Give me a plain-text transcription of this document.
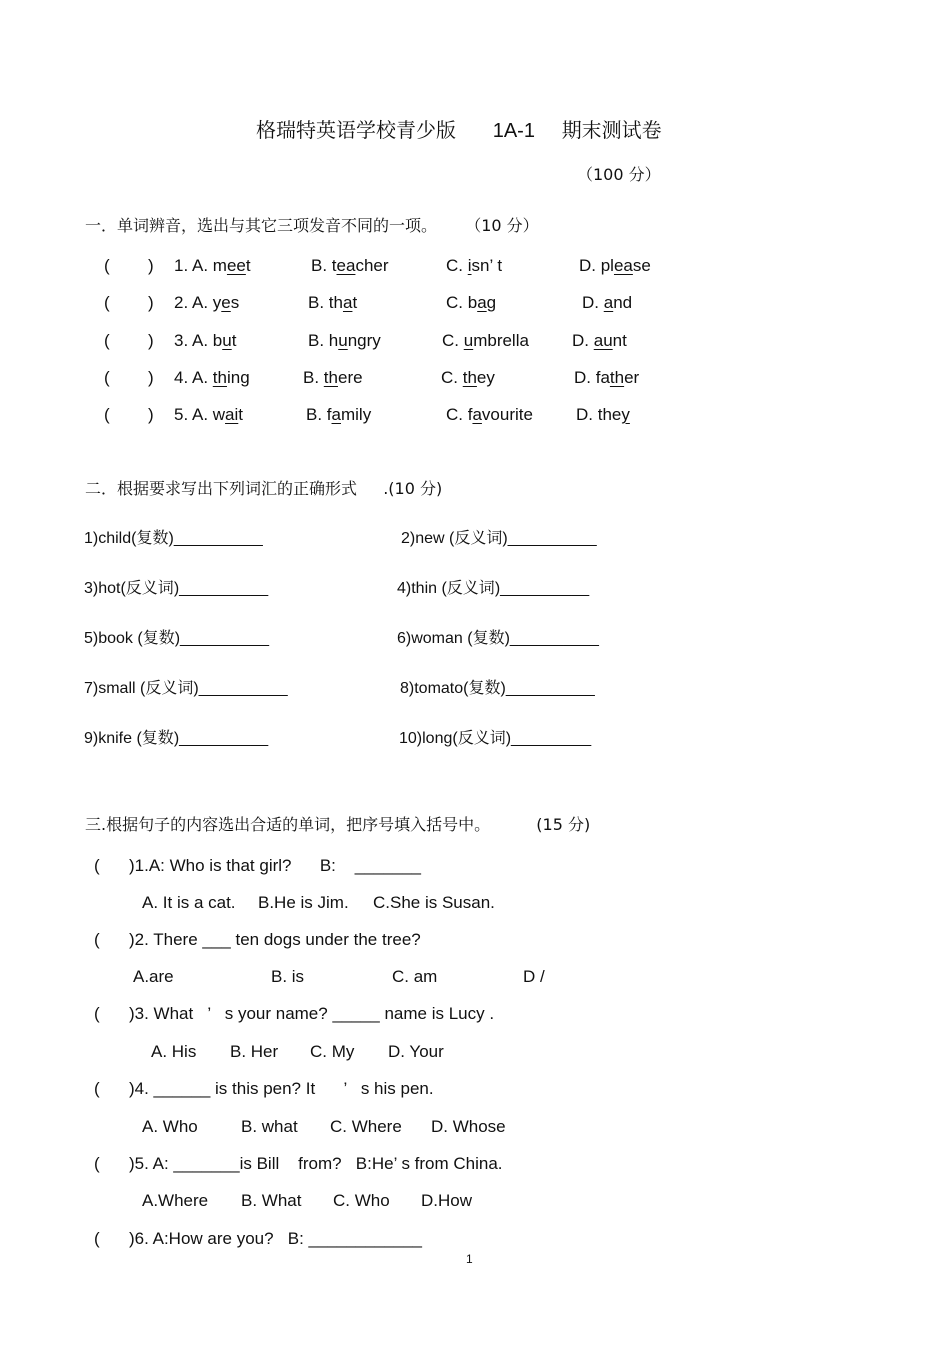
格瑞特英语学校青少版 1A-1 期末测试卷
（100 分）
一．单词辨音，选出与其它三项发音不同的一项。 （10 分）
( ) 1. A. meet	B. teacher	C. isn’ t	D. please
( ) 2. A. yes	B. that	C. bag	D. and
( ) 3. A. but	B. hungry	C. umbrella	D. aunt
( ) 4. A. thing	B. there	C. they	D. father
( ) 5. A. wait	B. family	C. favourite	D. they
二．根据要求写出下列词汇的正确形式 .(10 分)
1)child(复数)__________	2)new (反义词)__________
3)hot(反义词)__________	4)thin (反义词)__________
5)book (复数)__________	6)woman (复数)__________
7)small (反义词)__________	8)tomato(复数)__________
9)knife (复数)__________	10)long(反义词)_________
三.根据句子的内容选出合适的单词，把序号填入括号中。	(15 分)
( )1.A: Who is that girl?      B:    _______
A. It is a cat. B.He is Jim. C.She is Susan.
( )2. There ___ ten dogs under the tree?
A.are	B. is	C. am	D /
( )3. What   ’   s your name? _____ name is Lucy .
A. His B. Her C. My D. Your
( )4. ______ is this pen? It      ’   s his pen.
A. Who	B. what C. Where D. Whose
( )5. A: _______is Bill    from?   B:He’ s from China.
A.Where B. What C. Who D.How
( )6. A:How are you?   B: ____________
1
